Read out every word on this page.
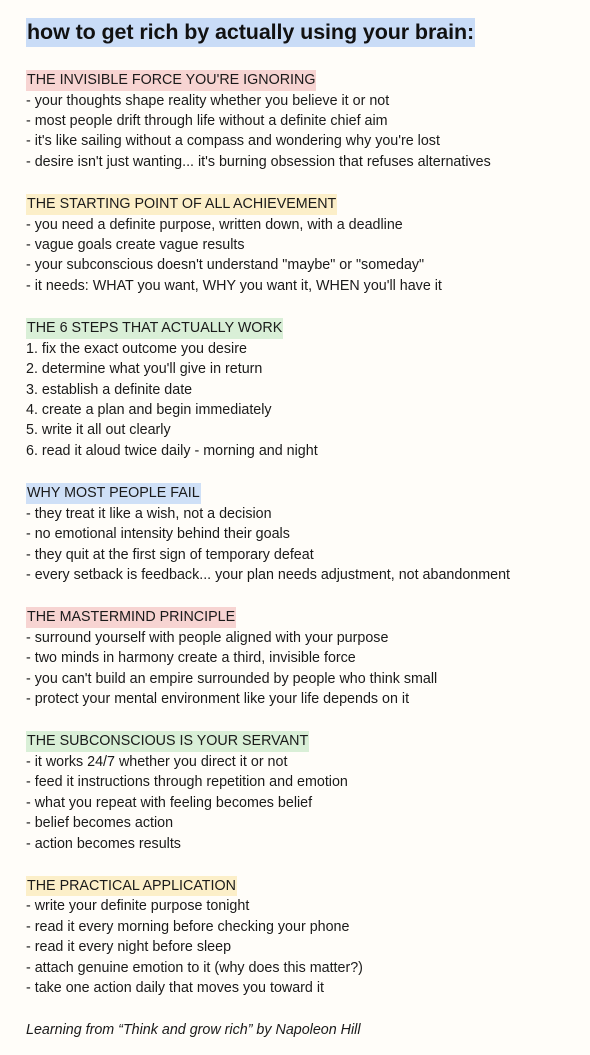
how to get rich by actually using your brain:
THE INVISIBLE FORCE YOU'RE IGNORING
- your thoughts shape reality whether you believe it or not
- most people drift through life without a definite chief aim
- it's like sailing without a compass and wondering why you're lost
- desire isn't just wanting... it's burning obsession that refuses alternatives
THE STARTING POINT OF ALL ACHIEVEMENT
- you need a definite purpose, written down, with a deadline
- vague goals create vague results
- your subconscious doesn't understand "maybe" or "someday"
- it needs: WHAT you want, WHY you want it, WHEN you'll have it
THE 6 STEPS THAT ACTUALLY WORK
1. fix the exact outcome you desire
2. determine what you'll give in return
3. establish a definite date
4. create a plan and begin immediately
5. write it all out clearly
6. read it aloud twice daily - morning and night
WHY MOST PEOPLE FAIL
- they treat it like a wish, not a decision
- no emotional intensity behind their goals
- they quit at the first sign of temporary defeat
- every setback is feedback... your plan needs adjustment, not abandonment
THE MASTERMIND PRINCIPLE
- surround yourself with people aligned with your purpose
- two minds in harmony create a third, invisible force
- you can't build an empire surrounded by people who think small
- protect your mental environment like your life depends on it
THE SUBCONSCIOUS IS YOUR SERVANT
- it works 24/7 whether you direct it or not
- feed it instructions through repetition and emotion
- what you repeat with feeling becomes belief
- belief becomes action
- action becomes results
THE PRACTICAL APPLICATION
- write your definite purpose tonight
- read it every morning before checking your phone
- read it every night before sleep
- attach genuine emotion to it (why does this matter?)
- take one action daily that moves you toward it
Learning from “Think and grow rich” by Napoleon Hill
